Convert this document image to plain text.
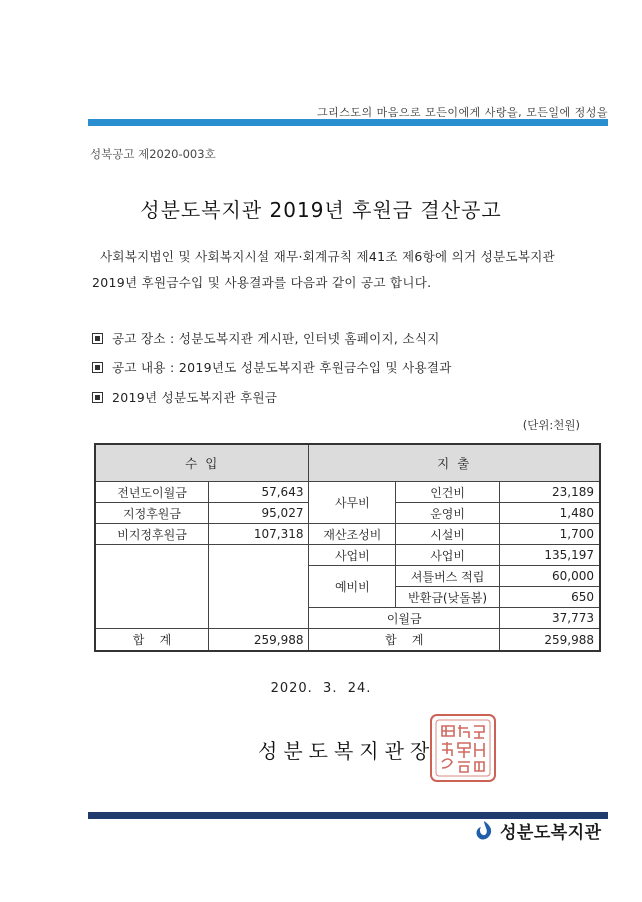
그리스도의 마음으로 모든이에게 사랑을, 모든일에 정성을
성북공고 제2020-003호
성분도복지관 2019년 후원금 결산공고
사회복지법인 및 사회복지시설 재무·회계규칙 제41조 제6항에 의거 성분도복지관
2019년 후원금수입 및 사용결과를 다음과 같이 공고 합니다.
공고 장소 : 성분도복지관 게시판, 인터넷 홈페이지, 소식지
공고 내용 : 2019년도 성분도복지관 후원금수입 및 사용결과
2019년 성분도복지관 후원금
(단위:천원)
수 입		지 출		
전년도이월금	57,643	사무비	인건비	23,189
지정후원금	95,027		운영비	1,480
비지정후원금	107,318	재산조성비	시설비	1,700
		사업비	사업비	135,197
		예비비	셔틀버스 적립	60,000
			반환금(낮돌봄)	650
		이월금		37,773
합    계	259,988	합    계		259,988
2020.  3.  24.
성분도복지관장
성분도복지관
